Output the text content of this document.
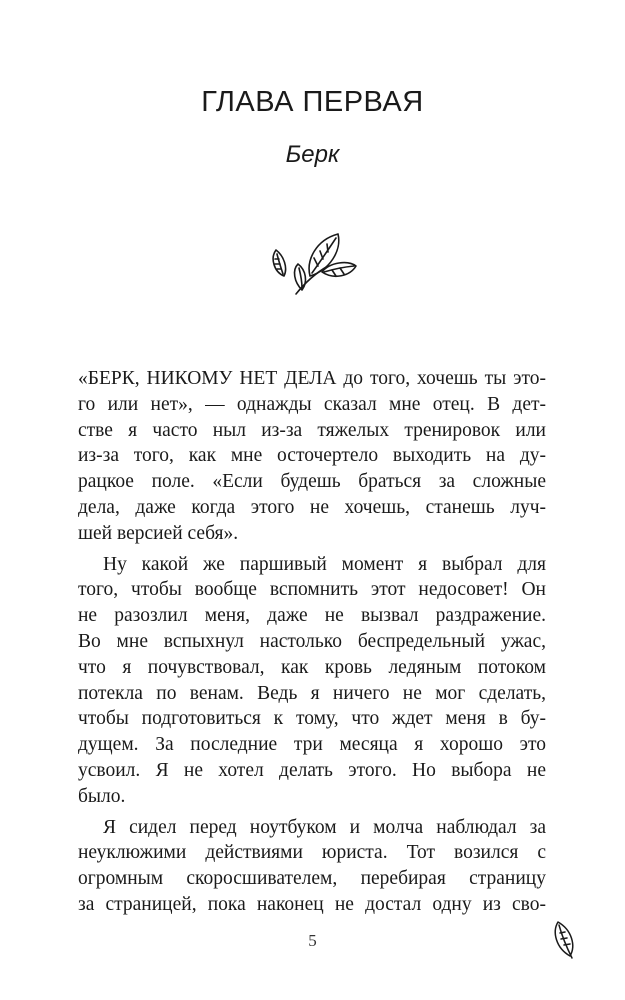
ГЛАВА ПЕРВАЯ
Берк
«БЕРК, НИКОМУ НЕТ ДЕЛА до того, хочешь ты это-
го или нет», — однажды сказал мне отец. В дет-
стве я часто ныл из-за тяжелых тренировок или
из-за того, как мне осточертело выходить на ду-
рацкое поле. «Если будешь браться за сложные
дела, даже когда этого не хочешь, станешь луч-
шей версией себя».
Ну какой же паршивый момент я выбрал для
того, чтобы вообще вспомнить этот недосовет! Он
не разозлил меня, даже не вызвал раздражение.
Во мне вспыхнул настолько беспредельный ужас,
что я почувствовал, как кровь ледяным потоком
потекла по венам. Ведь я ничего не мог сделать,
чтобы подготовиться к тому, что ждет меня в бу-
дущем. За последние три месяца я хорошо это
усвоил. Я не хотел делать этого. Но выбора не
было.
Я сидел перед ноутбуком и молча наблюдал за
неуклюжими действиями юриста. Тот возился с
огромным скоросшивателем, перебирая страницу
за страницей, пока наконец не достал одну из сво-
5
